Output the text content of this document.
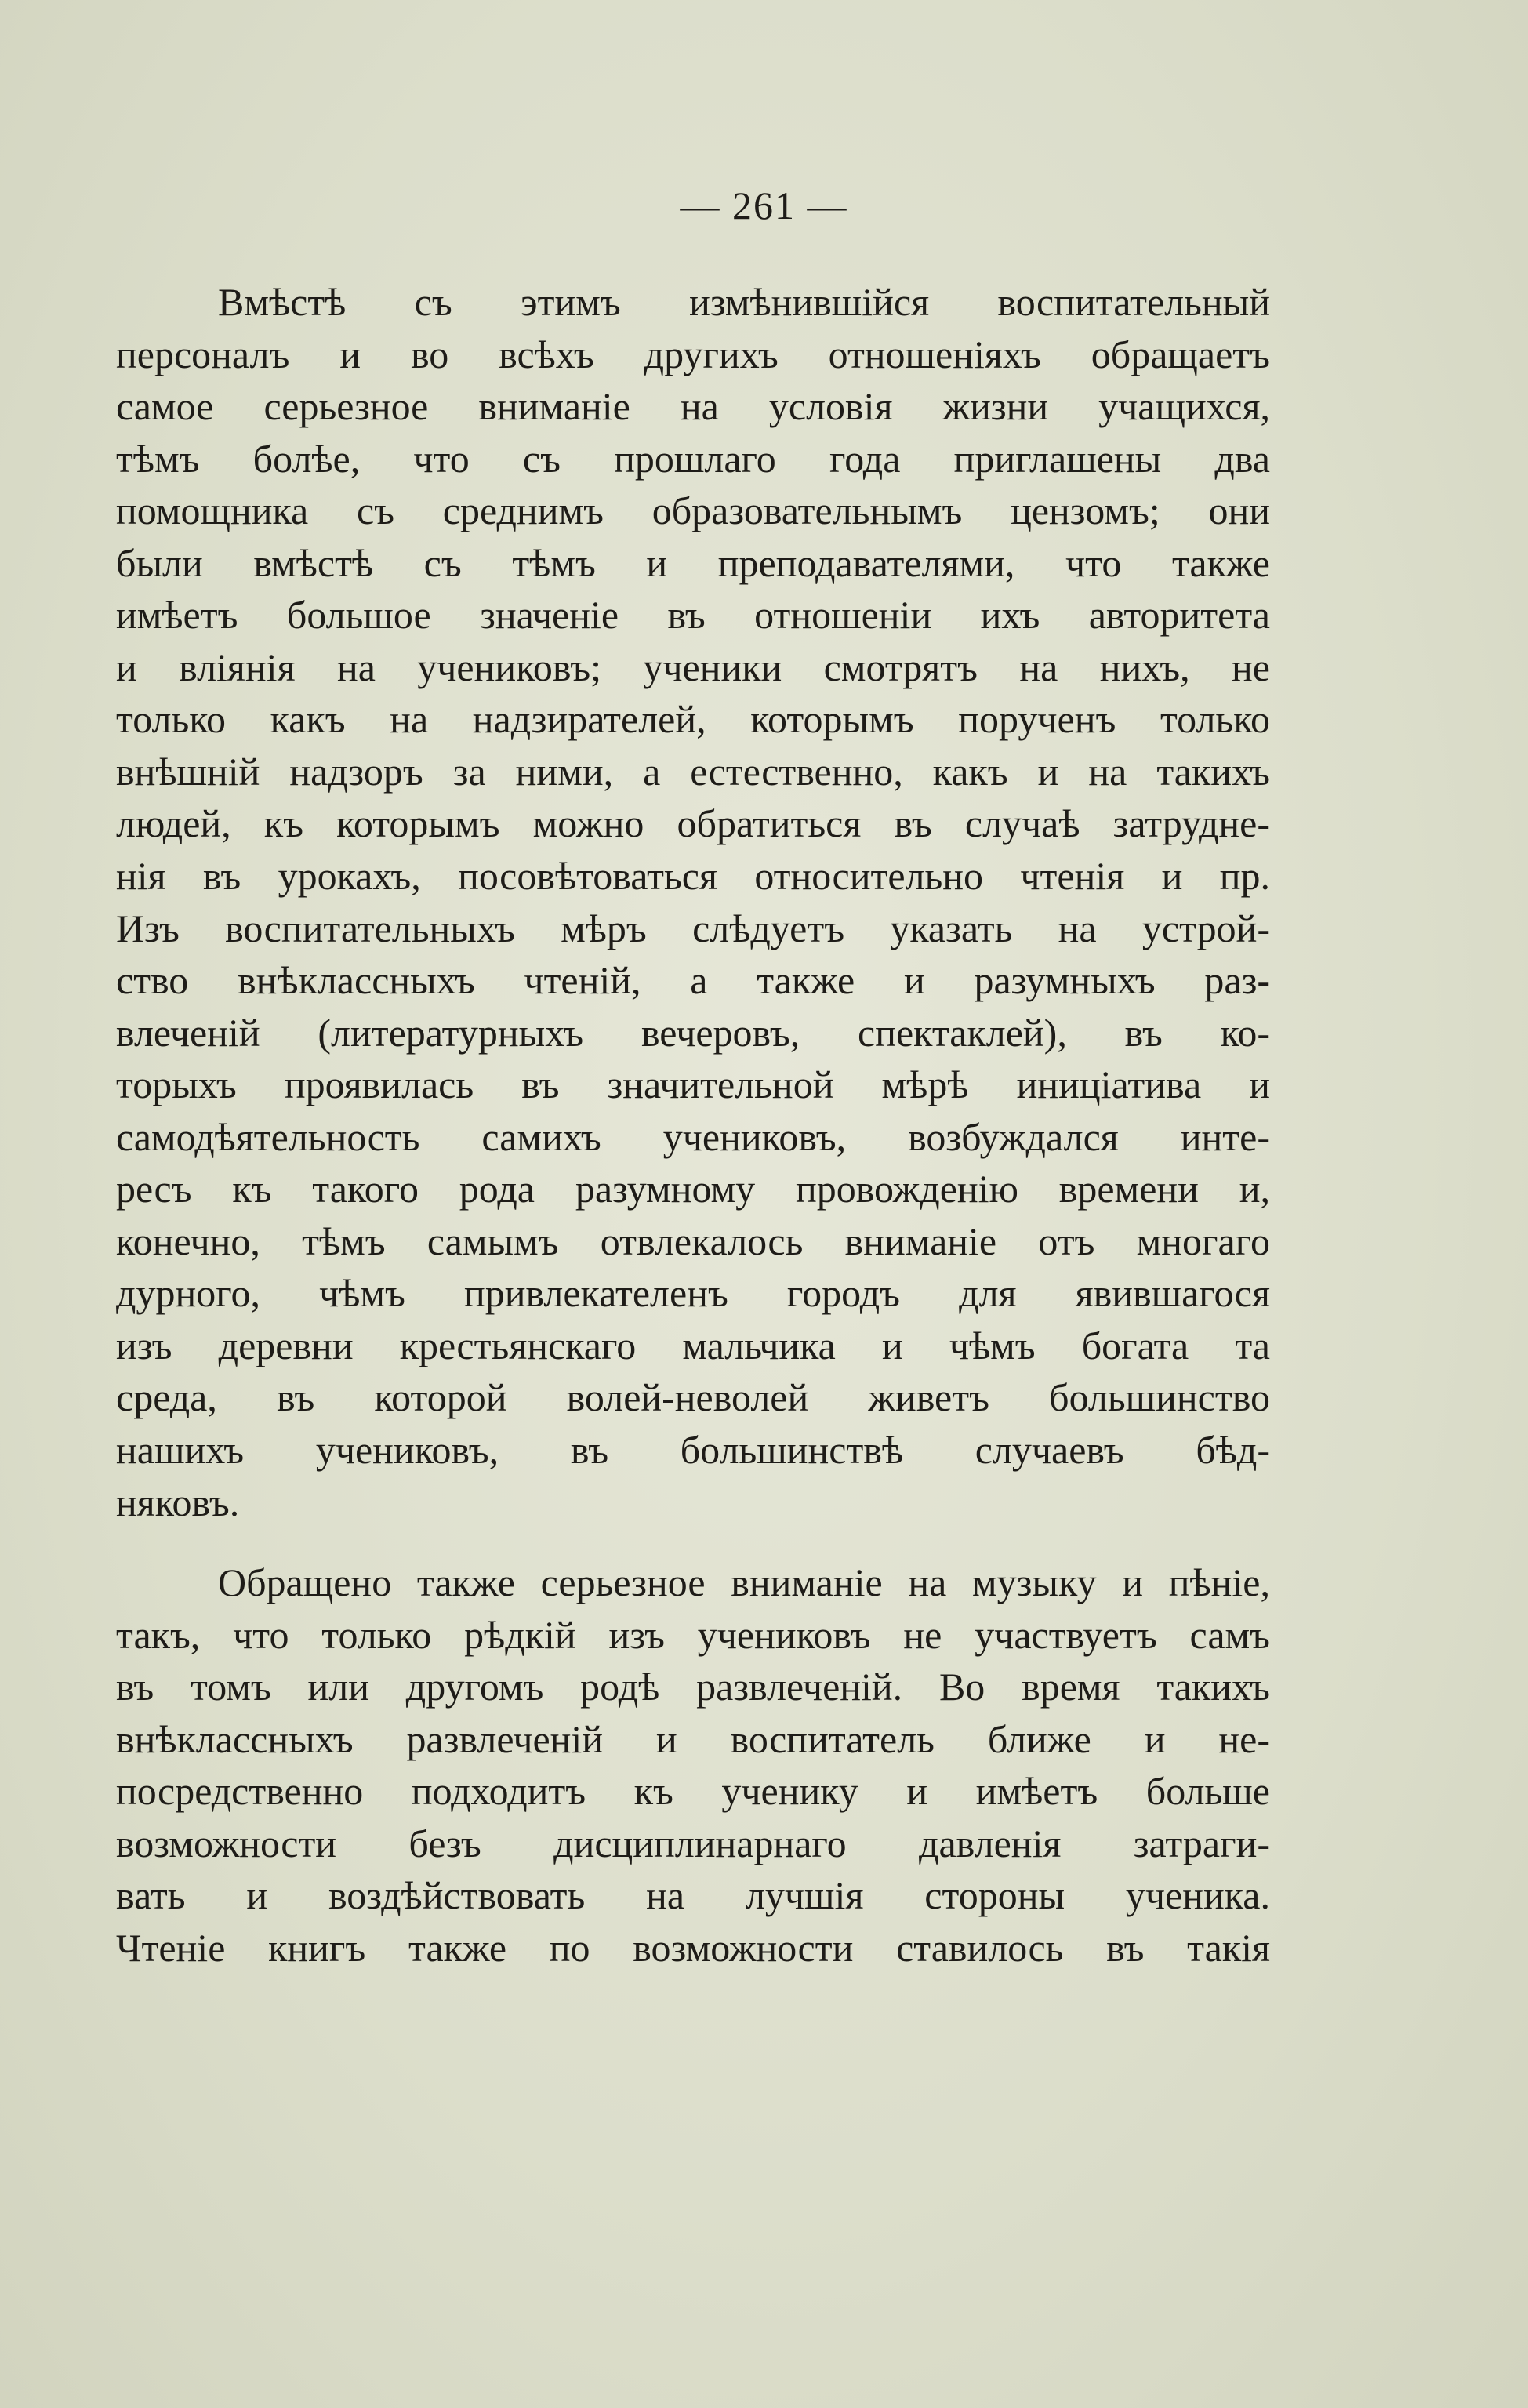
— 261 —
Вмѣстѣ съ этимъ измѣнившійся воспитательный
персоналъ и во всѣхъ другихъ отношеніяхъ обращаетъ
самое серьезное вниманіе на условія жизни учащихся,
тѣмъ болѣе, что съ прошлаго года приглашены два
помощника съ среднимъ образовательнымъ цензомъ; они
были вмѣстѣ съ тѣмъ и преподавателями, что также
имѣетъ большое значеніе въ отношеніи ихъ авторитета
и вліянія на учениковъ; ученики смотрятъ на нихъ, не
только какъ на надзирателей, которымъ порученъ только
внѣшній надзоръ за ними, а естественно, какъ и на такихъ
людей, къ которымъ можно обратиться въ случаѣ затрудне-
нія въ урокахъ, посовѣтоваться относительно чтенія и пр.
Изъ воспитательныхъ мѣръ слѣдуетъ указать на устрой-
ство внѣклассныхъ чтеній, а также и разумныхъ раз-
влеченій (литературныхъ вечеровъ, спектаклей), въ ко-
торыхъ проявилась въ значительной мѣрѣ иниціатива и
самодѣятельность самихъ учениковъ, возбуждался инте-
ресъ къ такого рода разумному провожденію времени и,
конечно, тѣмъ самымъ отвлекалось вниманіе отъ многаго
дурного, чѣмъ привлекателенъ городъ для явившагося
изъ деревни крестьянскаго мальчика и чѣмъ богата та
среда, въ которой волей-неволей живетъ большинство
нашихъ учениковъ, въ большинствѣ случаевъ бѣд-
няковъ.
Обращено также серьезное вниманіе на музыку и пѣніе,
такъ, что только рѣдкій изъ учениковъ не участвуетъ самъ
въ томъ или другомъ родѣ развлеченій. Во время такихъ
внѣклассныхъ развлеченій и воспитатель ближе и не-
посредственно подходитъ къ ученику и имѣетъ больше
возможности безъ дисциплинарнаго давленія затраги-
вать и воздѣйствовать на лучшія стороны ученика.
Чтеніе книгъ также по возможности ставилось въ такія
